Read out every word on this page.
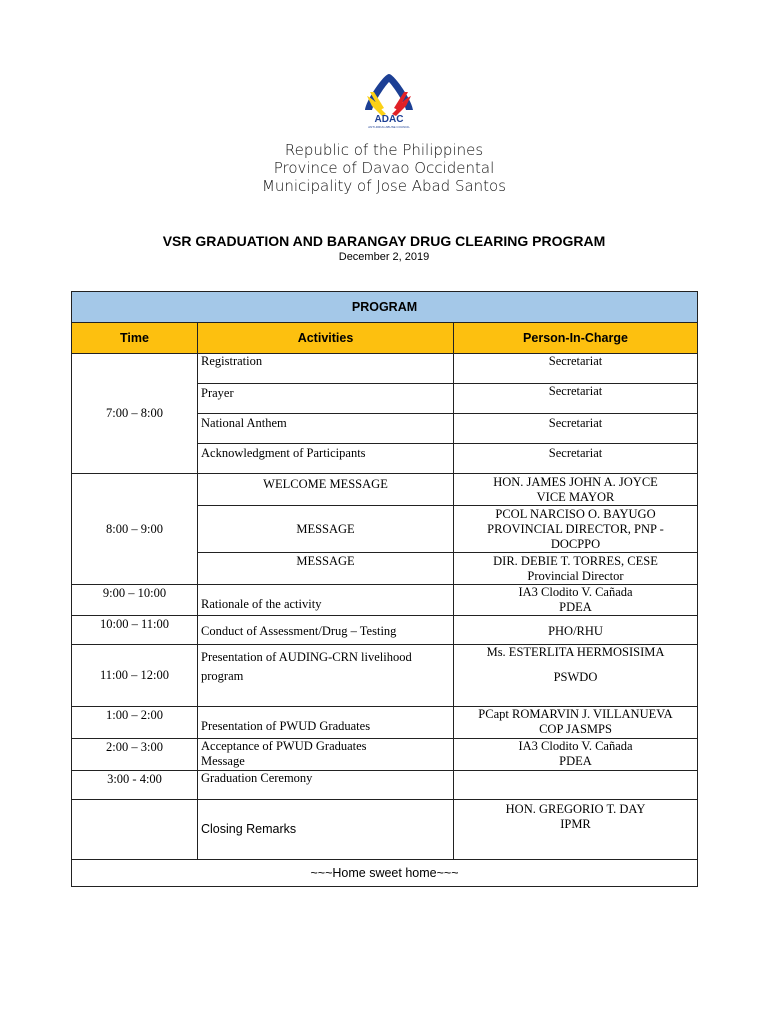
ADAC
ANTI-DRUG ABUSE COUNCIL
Republic of the Philippines
Province of Davao Occidental
Municipality of Jose Abad Santos
VSR GRADUATION AND BARANGAY DRUG CLEARING PROGRAM
December 2, 2019
PROGRAM		
Time	Activities	Person-In-Charge
7:00 – 8:00	Registration	Secretariat
	Prayer	Secretariat
	National Anthem	Secretariat
	Acknowledgment of Participants	Secretariat
8:00 – 9:00	WELCOME MESSAGE	HON. JAMES JOHN A. JOYCE
VICE MAYOR

	MESSAGE	PCOL NARCISO O. BAYUGO
PROVINCIAL DIRECTOR, PNP -
DOCPPO

	MESSAGE	DIR. DEBIE T. TORRES, CESE
Provincial Director

9:00 – 10:00	Rationale of the activity	IA3 Clodito V. Cañada
PDEA

10:00 – 11:00	Conduct of Assessment/Drug – Testing	PHO/RHU
11:00 – 12:00	Presentation of AUDING-CRN livelihood
program	Ms. ESTERLITA HERMOSISIMA
PSWDO

1:00 – 2:00	Presentation of PWUD Graduates	PCapt ROMARVIN J. VILLANUEVA
COP JASMPS

2:00 – 3:00	Acceptance of PWUD Graduates
Message	IA3 Clodito V. Cañada
PDEA

3:00 - 4:00	Graduation Ceremony	
	Closing Remarks	HON. GREGORIO T. DAY
IPMR

~~~Home sweet home~~~		
